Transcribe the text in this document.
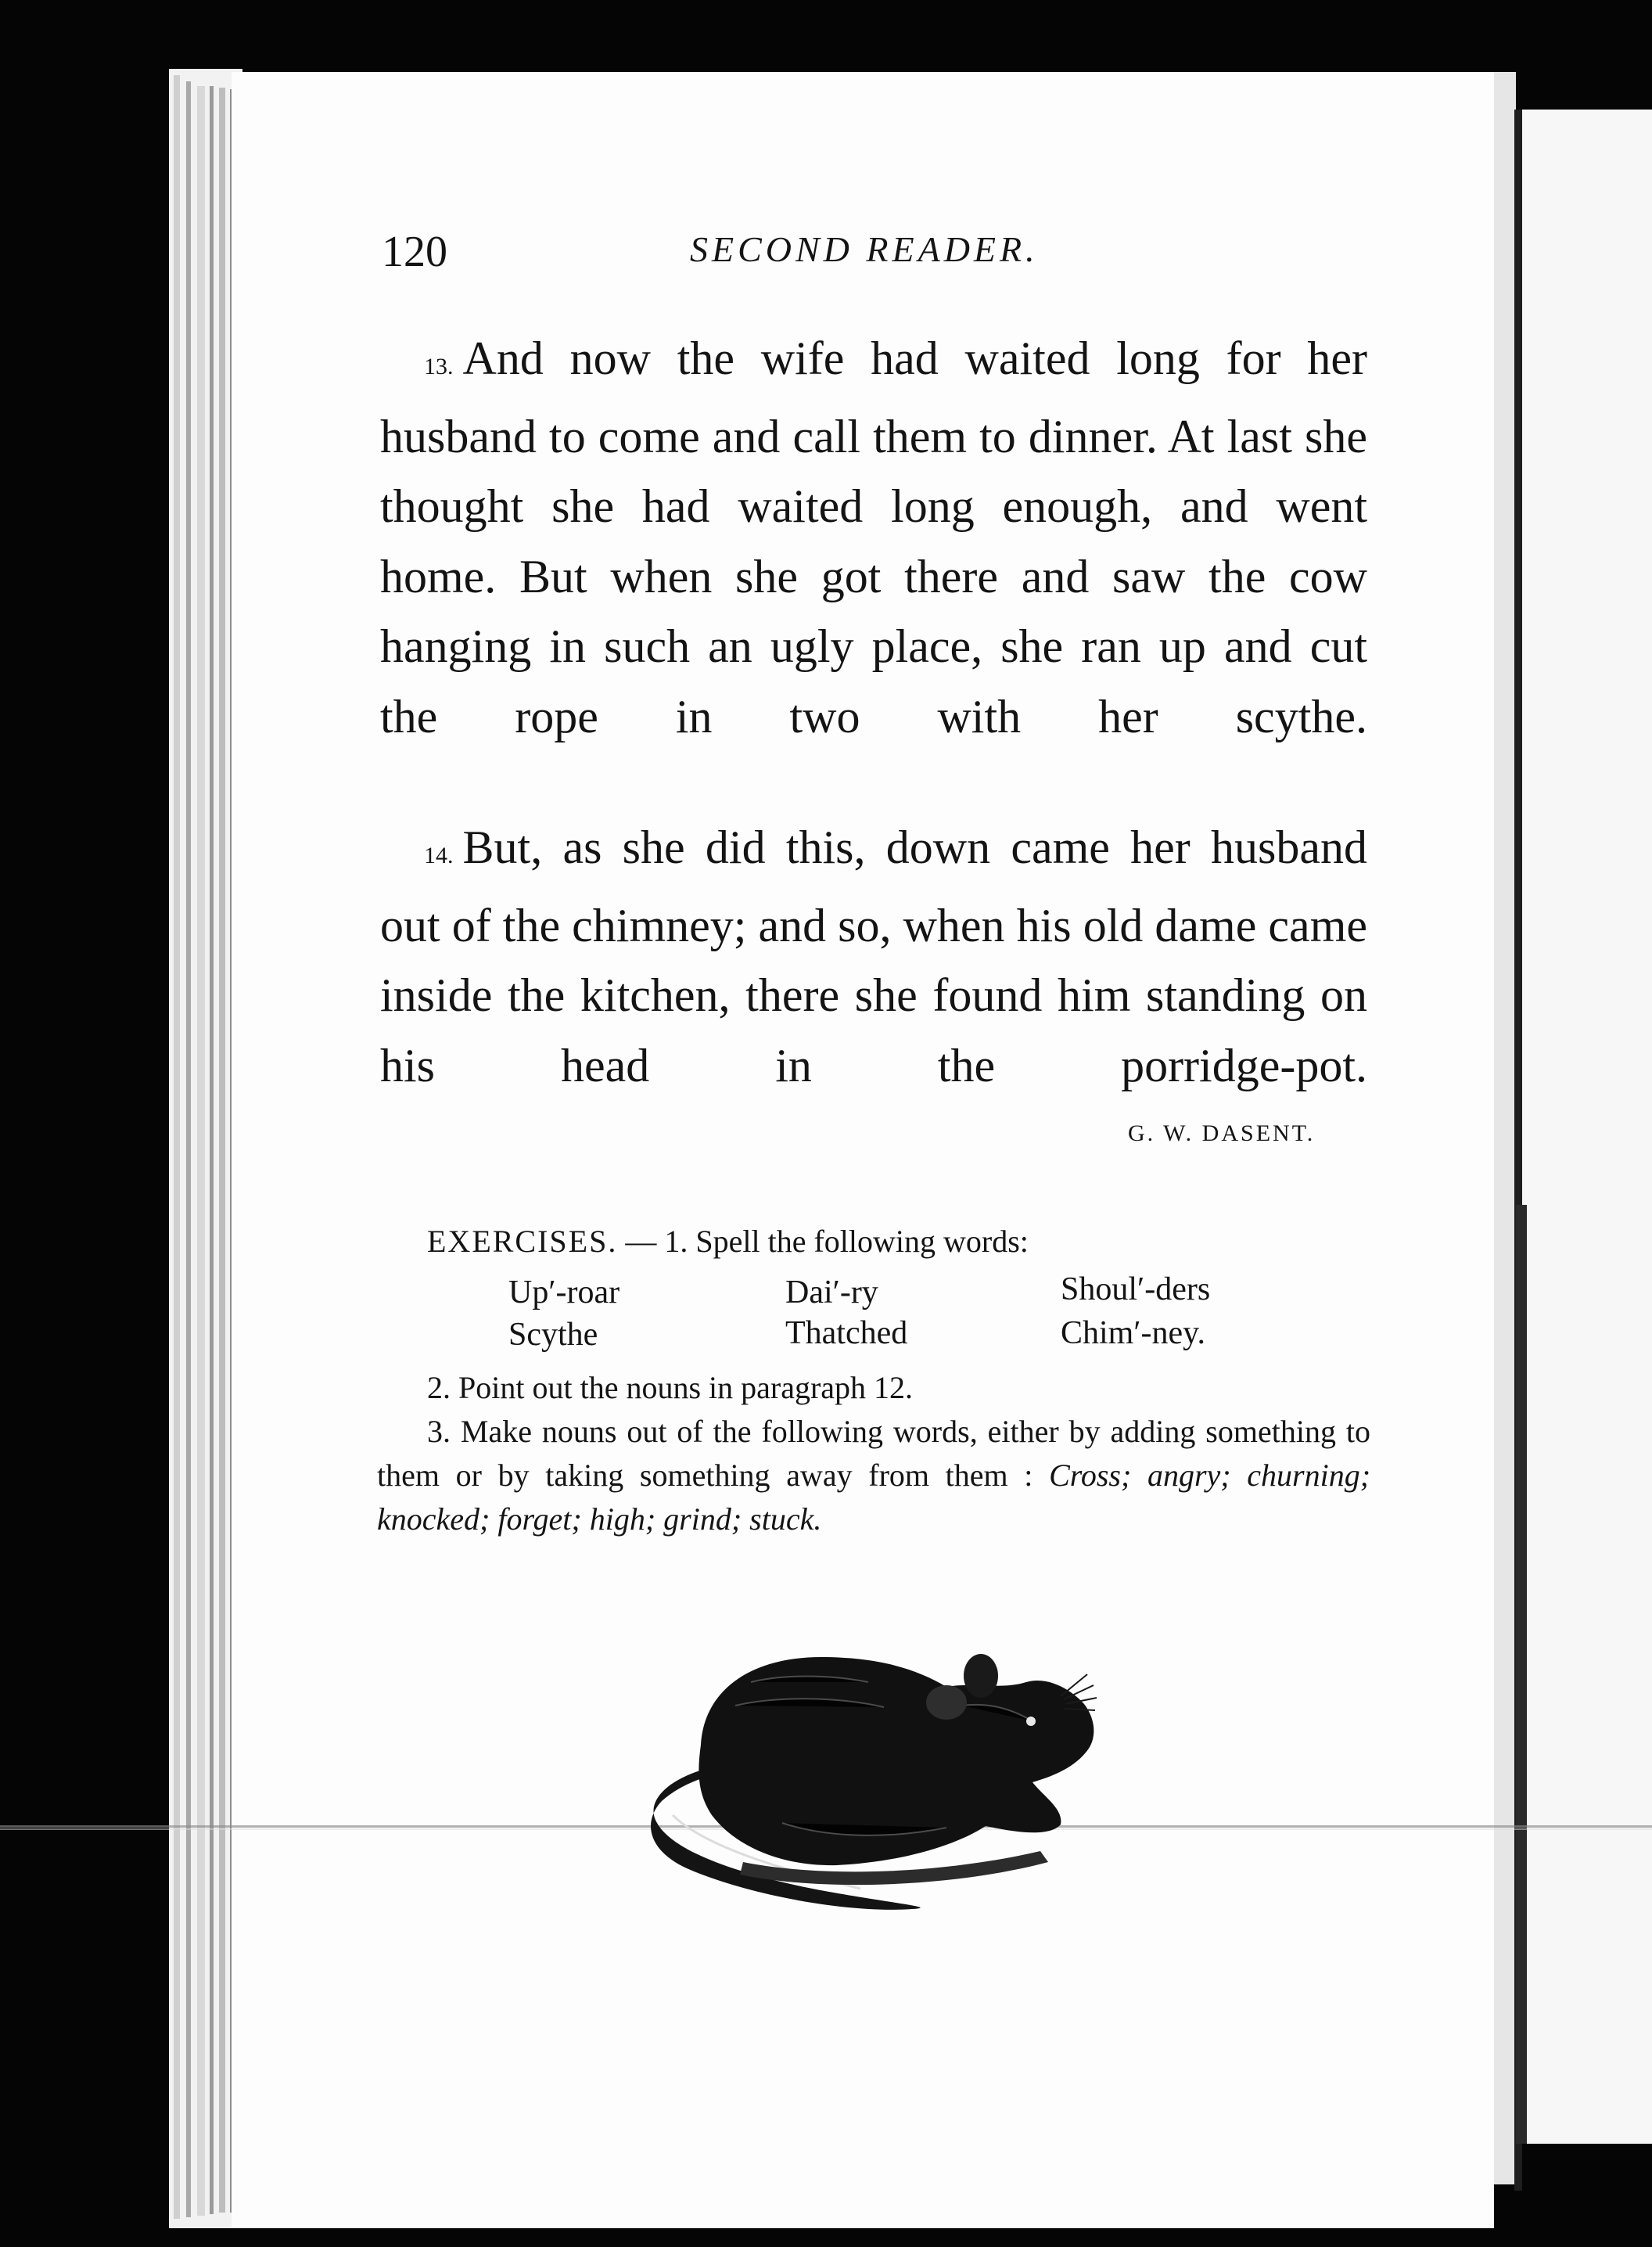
120	SECOND READER.
13. And now the wife had waited long for her husband to come and call them to dinner. At last she thought she had waited long enough, and went home. But when she got there and saw the cow hanging in such an ugly place, she ran up and cut the rope in two with her scythe.
14. But, as she did this, down came her husband out of the chimney; and so, when his old dame came inside the kitchen, there she found him standing on his head in the porridge-pot.
G. W. DASENT.
EXERCISES. — 1. Spell the following words:
Up′-roar	Dai′-ry	Shoul′-ders
Scythe	Thatched	Chim′-ney.
2. Point out the nouns in paragraph 12.
3. Make nouns out of the following words, either by adding something to them or by taking something away from them : Cross; angry; churning; knocked; forget; high; grind; stuck.
